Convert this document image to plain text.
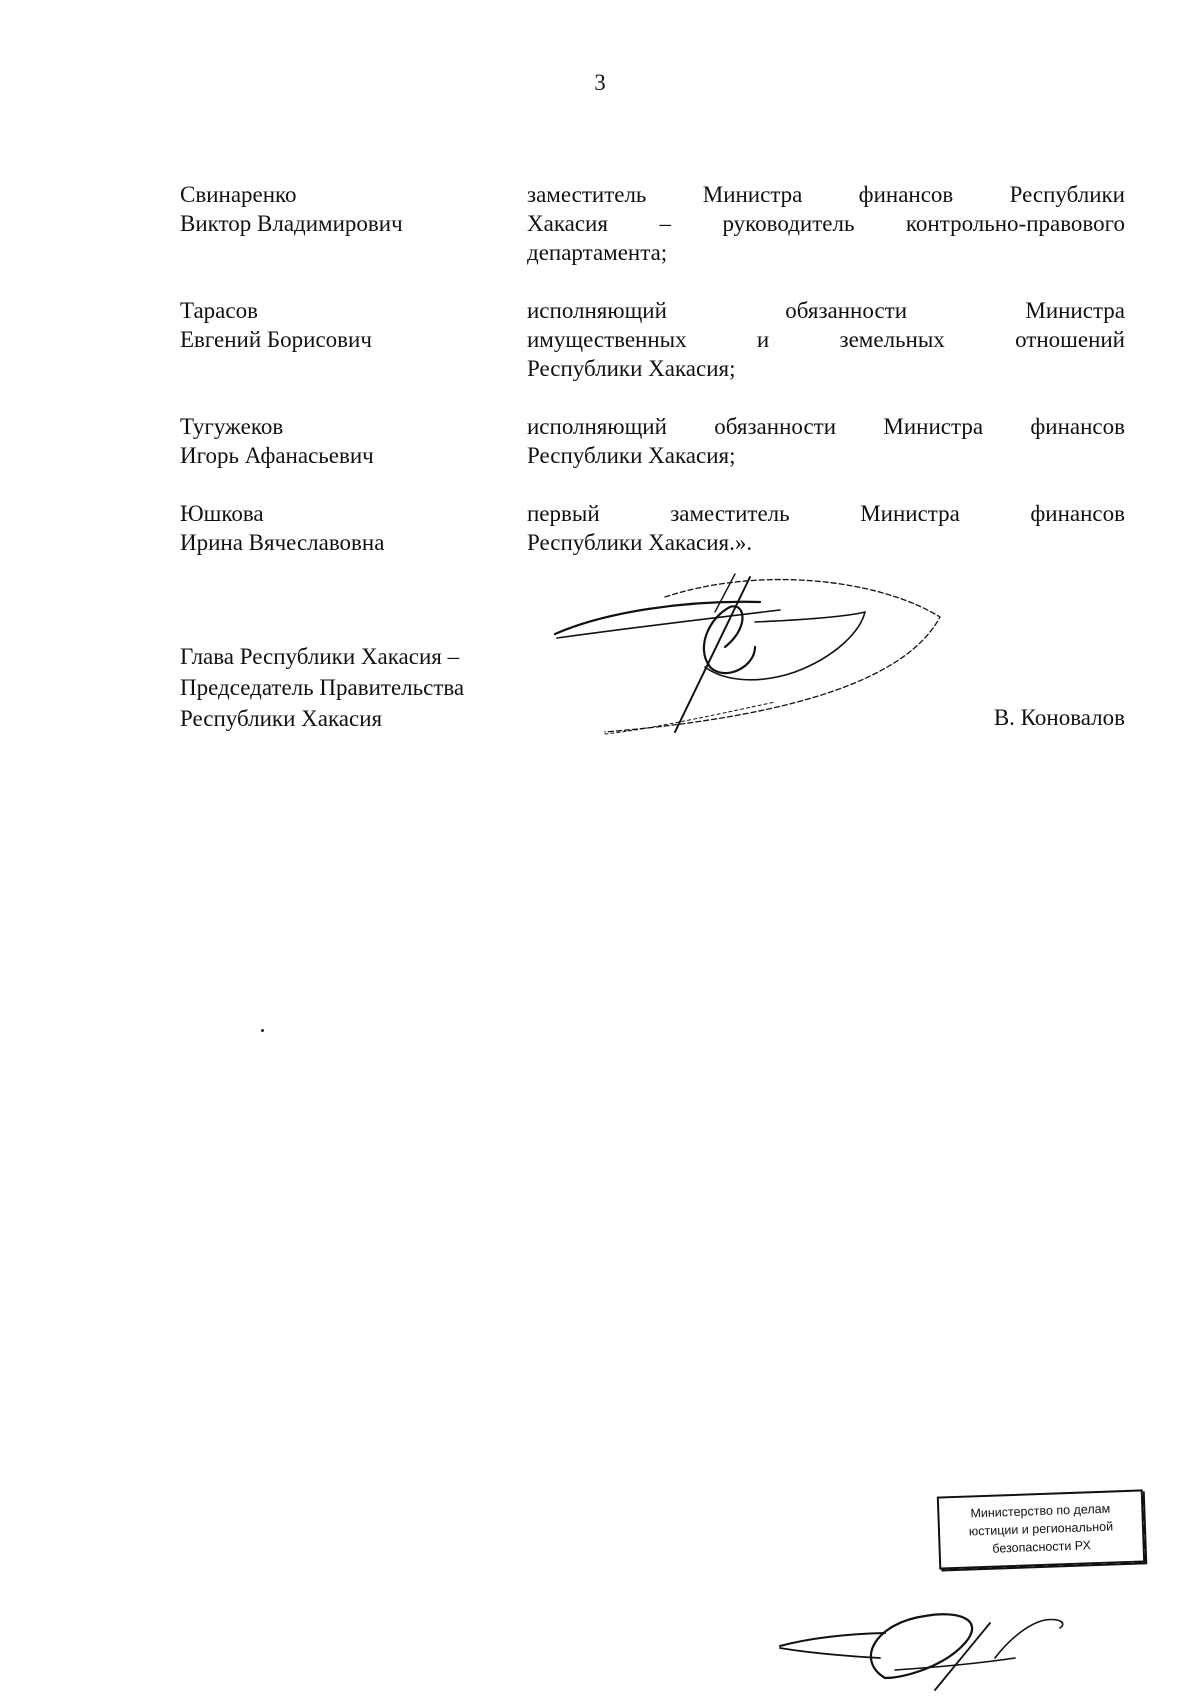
3
Свинаренко
Виктор Владимирович
заместитель Министра финансов Республики
Хакасия – руководитель контрольно-правового
департамента;
Тарасов
Евгений Борисович
исполняющий обязанности Министра
имущественных и земельных отношений
Республики Хакасия;
Тугужеков
Игорь Афанасьевич
исполняющий обязанности Министра финансов
Республики Хакасия;
Юшкова
Ирина Вячеславовна
первый заместитель Министра финансов
Республики Хакасия.».
Глава Республики Хакасия –
Председатель Правительства
Республики Хакасия	В. Коновалов
Министерство по делам
юстиции и региональной
безопасности РХ
